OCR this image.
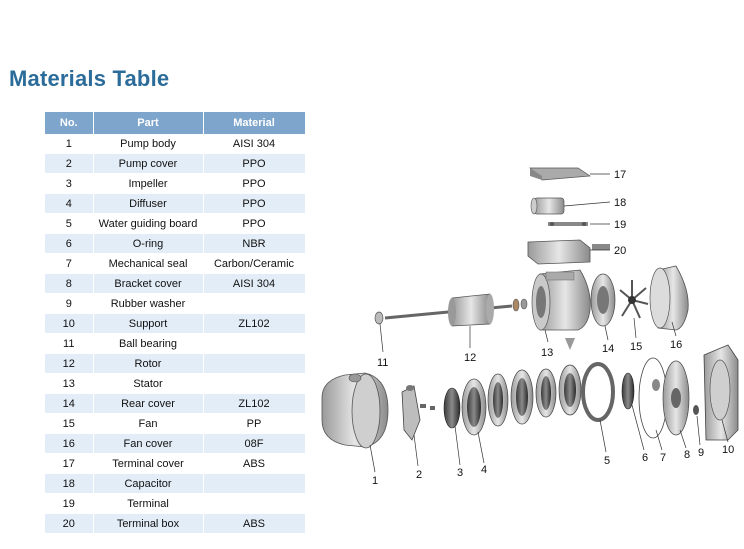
Materials Table
No.	Part	Material
1	Pump body	AISI 304
2	Pump cover	PPO
3	Impeller	PPO
4	Diffuser	PPO
5	Water guiding board	PPO
6	O-ring	NBR
7	Mechanical seal	Carbon/Ceramic
8	Bracket cover	AISI 304
9	Rubber washer	
10	Support	ZL102
11	Ball bearing	
12	Rotor	
13	Stator	
14	Rear cover	ZL102
15	Fan	PP
16	Fan cover	08F
17	Terminal cover	ABS
18	Capacitor	
19	Terminal	
20	Terminal box	ABS
1	2	3 4
5	6 7 8 9 10
11	12	13	14 15	16
17
18
19
20
